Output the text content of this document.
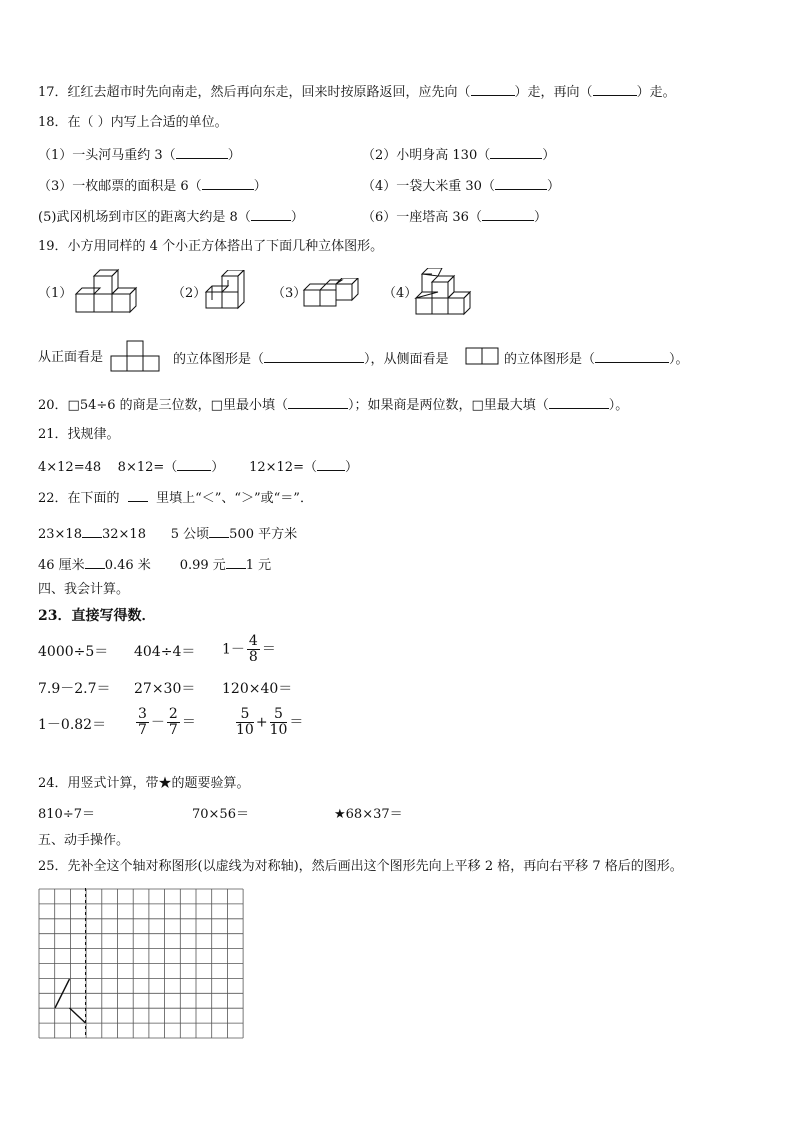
17．红红去超市时先向南走，然后再向东走，回来时按原路返回，应先向（	）走，再向（	）走。
18．在（ ）内写上合适的单位。
（1）一头河马重约 3（	）	（2）小明身高 130（	）
（3）一枚邮票的面积是 6（	）	（4）一袋大米重 30（	）
(5)武冈机场到市区的距离大约是 8（	）	（6）一座塔高 36（	）
19．小方用同样的 4 个小正方体搭出了下面几种立体图形。
（1）	（2）	（3）	（4）
从正面看是	的立体图形是（	），从侧面看是	的立体图形是（	）。
20．□54÷6 的商是三位数，□里最小填（	）；如果商是两位数，□里最大填（	）。
21．找规律。
4×12=48 8×12=（	） 12×12=（ ）
22．在下面的	里填上“＜”、“＞”或“＝”．
23×18 32×18 5 公顷 500 平方米
46 厘米 0.46 米 0.99 元 1 元
四、我会计算。
23．直接写得数．
$4000\div 5= 404\div 4= 1- \frac{4}{8}$ ＝
7.9－2.7＝ 27×30＝ 120×40＝
$1-0.82= \frac{3}{7} - \frac{2}{7}$ ＝	$\frac{5}{10} + \frac{5}{10}$ ＝
24．用竖式计算，带★的题要验算。
810÷7＝	70×56＝	★68×37＝
五、动手操作。
25．先补全这个轴对称图形(以虚线为对称轴)，然后画出这个图形先向上平移 2 格，再向右平移 7 格后的图形。
